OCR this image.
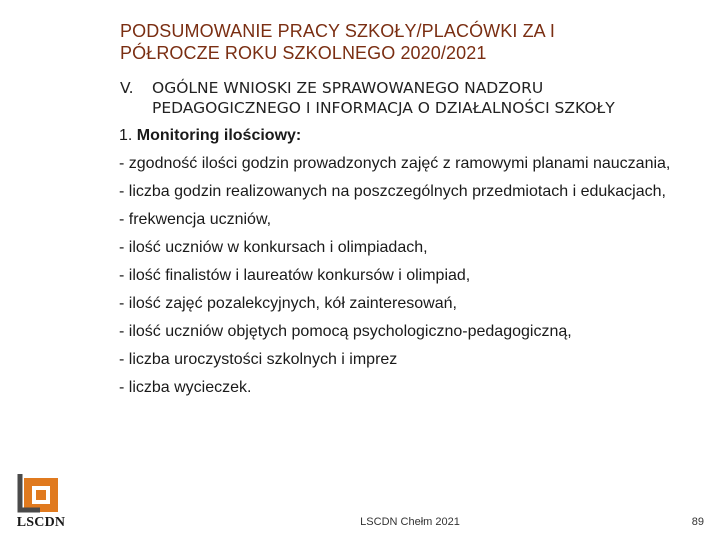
PODSUMOWANIE PRACY SZKOŁY/PLACÓWKI ZA I
PÓŁROCZE ROKU SZKOLNEGO 2020/2021
V. OGÓLNE WNIOSKI ZE SPRAWOWANEGO NADZORU
PEDAGOGICZNEGO I INFORMACJA O DZIAŁALNOŚCI SZKOŁY
1. Monitoring ilościowy:
- zgodność ilości godzin prowadzonych zajęć z ramowymi planami nauczania,
- liczba godzin realizowanych na poszczególnych przedmiotach i edukacjach,
- frekwencja uczniów,
- ilość uczniów w konkursach i olimpiadach,
- ilość finalistów i laureatów konkursów i olimpiad,
- ilość zajęć pozalekcyjnych, kół zainteresowań,
- ilość uczniów objętych pomocą psychologiczno-pedagogiczną,
- liczba uroczystości szkolnych i imprez
- liczba wycieczek.
LSCDN	LSCDN Chełm 2021	89
